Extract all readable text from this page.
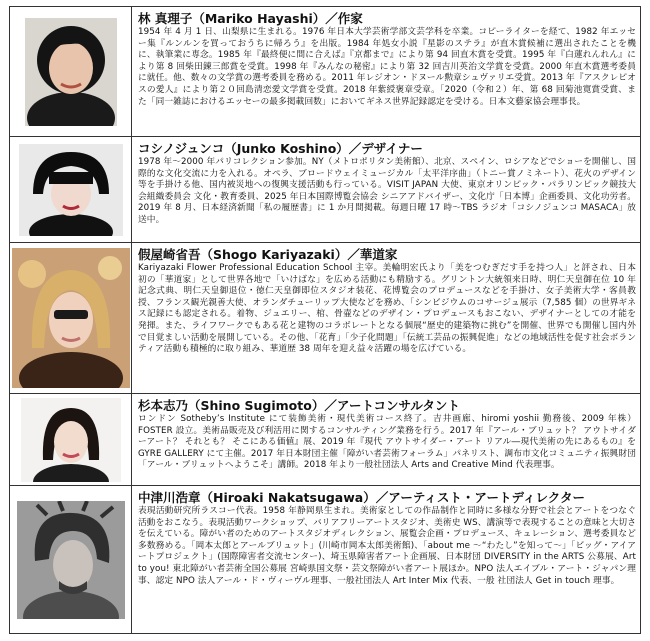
林 真理子（Mariko Hayashi）／作家
1954 年 4 月 1 日、山梨県に生まれる。1976 年日本大学芸術学部文芸学科を卒業。コピーライターを経て、1982 年エッセー集『ルンルンを買っておうちに帰ろう』を出版。1984 年処女小説『星影のステラ』が直木賞候補に選出されたことを機に、執筆業に専念。1985 年『最終便に間に合えば』『京都まで』により第 94 回直木賞を受賞。1995 年『白蓮れんれん』により第 8 回柴田錬三郎賞を受賞。1998 年『みんなの秘密』により第 32 回吉川英治文学賞を受賞。2000 年直木賞選考委員に就任。他、数々の文学賞の選考委員を務める。2011 年レジオン・ドヌール勲章シュヴァリエ受賞。2013 年『アスクレピオスの愛人』により第２０回島清恋愛文学賞を受賞。2018 年紫綬褒章受章。「2020（令和２）年、第 68 回菊池寛賞受賞、また「同一雑誌におけるエッセーの最多掲載回数」においてギネス世界記録認定を受ける。日本文藝家協会理事長。
コシノジュンコ（Junko Koshino）／デザイナー
1978 年～2000 年パリコレクション参加。NY（メトロポリタン美術館）、北京、スペイン、ロシアなどでショーを開催し、国際的な文化交流に力を入れる。オペラ、ブロードウェイミュージカル「太平洋序曲」（トニー賞ノミネート）、花火のデザイン等を手掛ける他、国内被災地への復興支援活動も行っている。VISIT JAPAN 大使、東京オリンピック・パラリンピック競技大会組織委員会 文化・教育委員、2025 年日本国際博覧会協会 シニアアドバイザー、文化庁「日本博」企画委員、文化功労者。2019 年 8 月、日本経済新聞「私の履歴書」に 1 か月間掲載。毎週日曜 17 時～TBS ラジオ「コシノジュンコ MASACA」放送中。
假屋崎省吾（Shogo Kariyazaki）／華道家
Kariyazaki Flower Professional Education School 主宰。美輪明宏氏より「美をつむぎだす手を持つ人」と評され、日本初の「華道家」として世界各地で「いけばな」を広める活動にも精励する。グリントン大統領来日時、明仁天皇御在位 10 年記念式典、明仁天皇御退位・徳仁天皇御即位スタジオ装花、花博覧会のプロデュースなどを手掛け、女子美術大学・客員教授、フランス観光親善大使、オランダチューリップ大使などを務め、「シンビジウムのコサージュ展示（7,585 個）の世界ギネス記録にも認定される。着物、ジュエリー、棺、骨壷などのデザイン・プロデュースもおこない、デザイナーとしての才能を発揮。また、ライフワークでもある花と建物のコラボレートとなる個展“歴史的建築物に挑む”を開催、世界でも開催し国内外で目覚ましい活動を展開している。その他、「花育」「少子化問題」「伝統工芸品の振興促進」などの地域活性を促す社会ボランティア活動も積極的に取り組み、華道歴 38 周年を迎え益々活躍の場を広げている。
杉本志乃（Shino Sugimoto）／アートコンサルタント
ロンドン Sotheby’s Institute にて装飾美術・現代美術コース終了。吉井画廊、hiromi yoshii 勤務後、2009 年株）FOSTER 設立。美術品販売及び利活用に関するコンサルティング業務を行う。2017 年『アール・ブリュット？ アウトサイダーアート？ それとも？ そこにある価値』展、2019 年『現代 アウトサイダー・アート リアル―現代美術の先にあるもの』を GYRE GALLERY にて主催。2017 年日本財団主催「障がい者芸術フォーラム」パネリスト、調布市文化コミュニティ振興財団「アール・ブリュットへようこそ」講師。2018 年より一般社団法人 Arts and Creative Mind 代表理事。
中津川浩章（Hiroaki Nakatsugawa）／アーティスト・アートディレクター
表現活動研究所ラスコー代表。1958 年静岡県生まれ。美術家としての作品制作と同時に多様な分野で社会とアートをつなぐ活動をおこなう。表現活動ワークショップ、バリアフリーアートスタジオ、美術史 WS、講演等で表現することの意味と大切さを伝えている。障がい者のためのアートスタジオディレクション、展覧会企画・プロデュース、キュレーション、選考委員など多数務める。「岡本太郎とアールブリュット」(川崎市岡本太郎美術館)、「about me ～“わたし”を知って～」「ビッグ・アイアートプロジェクト」(国際障害者交流センター)、埼玉県障害者アート企画展、日本財団 DIVERSITY in the ARTS 公募展、Art to you! 東北障がい者芸術全国公募展 宮崎県国文祭・芸文祭障がい者アート展ほか。NPO 法人エイブル・アート・ジャパン理事、認定 NPO 法人アール・ド・ヴィーヴル理事、一般社団法人 Art Inter Mix 代表、一般 社団法人 Get in touch 理事。
